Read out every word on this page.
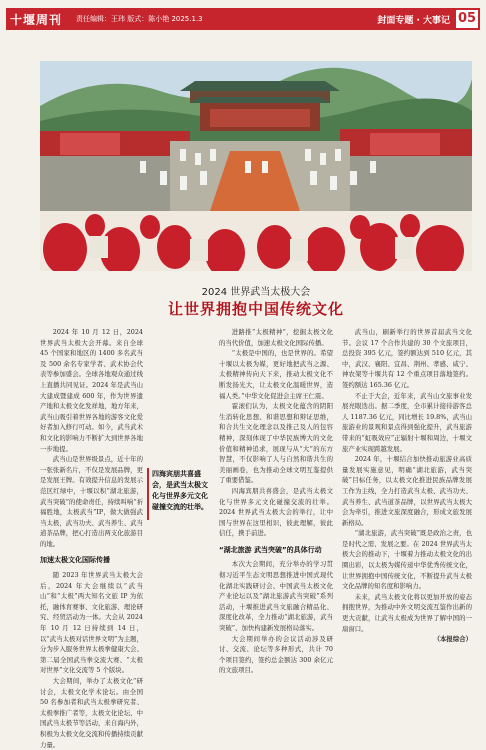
十堰周刊 责任编辑：王玮 版式：陈小艳 2025.1.3	封面专题 · 大事记 05
2024 世界武当太极大会
让世界拥抱中国传统文化

2024 年 10 月 12 日，2024 世界武当太极大会开幕。来自全球 45 个国家和地区的 1400 多名武当及 500 余名专家学者、武术协会代表等参加盛会。全球各地观众通过线上直播共同见证。2024 年是武当山大建成暨建成 600 年，作为世界遗产地和太极文化发祥地，地方年来，武当山吸引着世界各地的游客文化爱好者加入修行可动。如今，武当武术和文化的影响力不断扩大到世界各地一步地提。

武当山是世界级景点，近十年的一张张新名片，不仅是发展品牌，更是发展王牌。有效提升信息的发展示范区红绿中，十堰以积“湖北旅游，武当突破”的使命责任，持续叫响“祈福胜地，太极武当”IP，做大做强武当太极，武当功夫、武当养生、武当道茶品牌，把心打造出两支化旅游目的地。

加速太极文化国际传播

随 2023 年世界武当太极大会后，2024 年大会继续以“武当山”和“太极”两大知名文旅 IP 为依托，融体育赛事、文化旅游、理论研究、经贸活动为一体。大会从 2024 年 10 月 12 日持续到 14 日，以“武当太极对话世界文明”为主题，分为步入服务世界太极拳健康大会、第二届全国武当拳交流大赛、“太极对世界”文化交流等 5 个版块。

大会期间，举办了太极文化“研讨会，太极文化学术论坛。由全国 50 名参加者和武当太极拳研究者、太极拳推广者等，太极文化论坛、中国武当太极节等活动，来自海内外，积极为太极文化交流和传播持续贡献力量。

四海宾朋共喜盛会，是武当太极文化与世界多元文化碰撞交流的壮举。

进路推“太极精神”，挖掘太极文化的当代价值，加速太极文化国际传播。

“太极是中国的，也是世界的。希望十堰以太极为媒，更好地把武当之源、太极精神传向天下来，推动太极文化不断发扬光大，让太极文化温暖世界，造福人类。”中华文化促进会主席王仁震。

霍滚们认为，太极文化蕴含的阴阳生消转化思想、和谐思想和辩证思维，和合共生文化理念以及推己及人的包容精神，深刻体现了中华民族博大的文化价值和精神追求，展现与从“大”的东方智慧，不仅影响了人与自然和谐共生的美丽画卷，也为推动全球文明互鉴提供了重要借鉴。

四海宾朋共喜盛会，是武当太极文化与世界多元文化碰撞交流的壮举。2024 世界武当太极大会的举行，让中国与世界在这里相识，彼此理解，彼此信任，携手前进。

“湖北旅游 武当突破”的具体行动

本次大会期间，充分举办的学习贯彻习近平生态文明思想推进中国式现代化湖北实践研讨会、中国武当太极文化产业论坛以及“湖北旅游武当突破”系列活动，十堰推进武当文旅融合精品化、深度化改革，全力推动“湖北旅游，武当突破”、加快构建新发展格局落实。

大会期间举办的会议活动涉及研讨、交流、论坛等多种形式，共计 70 个项目签约，签约总金额达 300 余亿元的文旅项目。

武当山，刷新举行的世界首届武当文化节。会议 17 个合作共建的 30 个文旅项目，总投资 395 亿元，签约额达到 510 亿元，其中，武汉、襄阳、宜昌、荆州、孝感、咸宁、神农架等十堰共有 12 个重点项目落地签约。签约额达 165.36 亿元。

不止于大会，近年来，武当山文旅事业发展亮眼迭出。据二季度，全市累计接待游客总人 1187.36 亿元，同比增长 19.8%，武当山旅游业的景观和景点得到强化提升，武当旅游带来的“虹吸效应”正辐射十堰和周边，十堰文旅产业实现跨越发展。

2024 年，十堰结合加快推动旅游业高质量发展实施意见，明确“湖北旅游，武当突破”目标任务，以太极文化推进民族品牌发展工作为主线，全力打造武当太极、武当功夫、武当养生、武当道茶品牌，以世界武当太极大会为牵引，推进文旅深度融合，形成文旅发展新格局。

“湖北旅游，武当突破”既是政治之责，也是时代之需、发展之要。在 2024 世界武当太极大会的推动下，十堰着力推动太极文化的出圈出彩，以太极为媒传递中华优秀传统文化，让世界拥抱中国传统文化，不断提升武当太极文化品牌的知名度和影响力。

未来，武当太极文化将以更加开放的姿态拥抱世界，为推动中外文明交流互鉴作出新的更大贡献，让武当太极成为世界了解中国的一扇窗口。

（本报综合）
